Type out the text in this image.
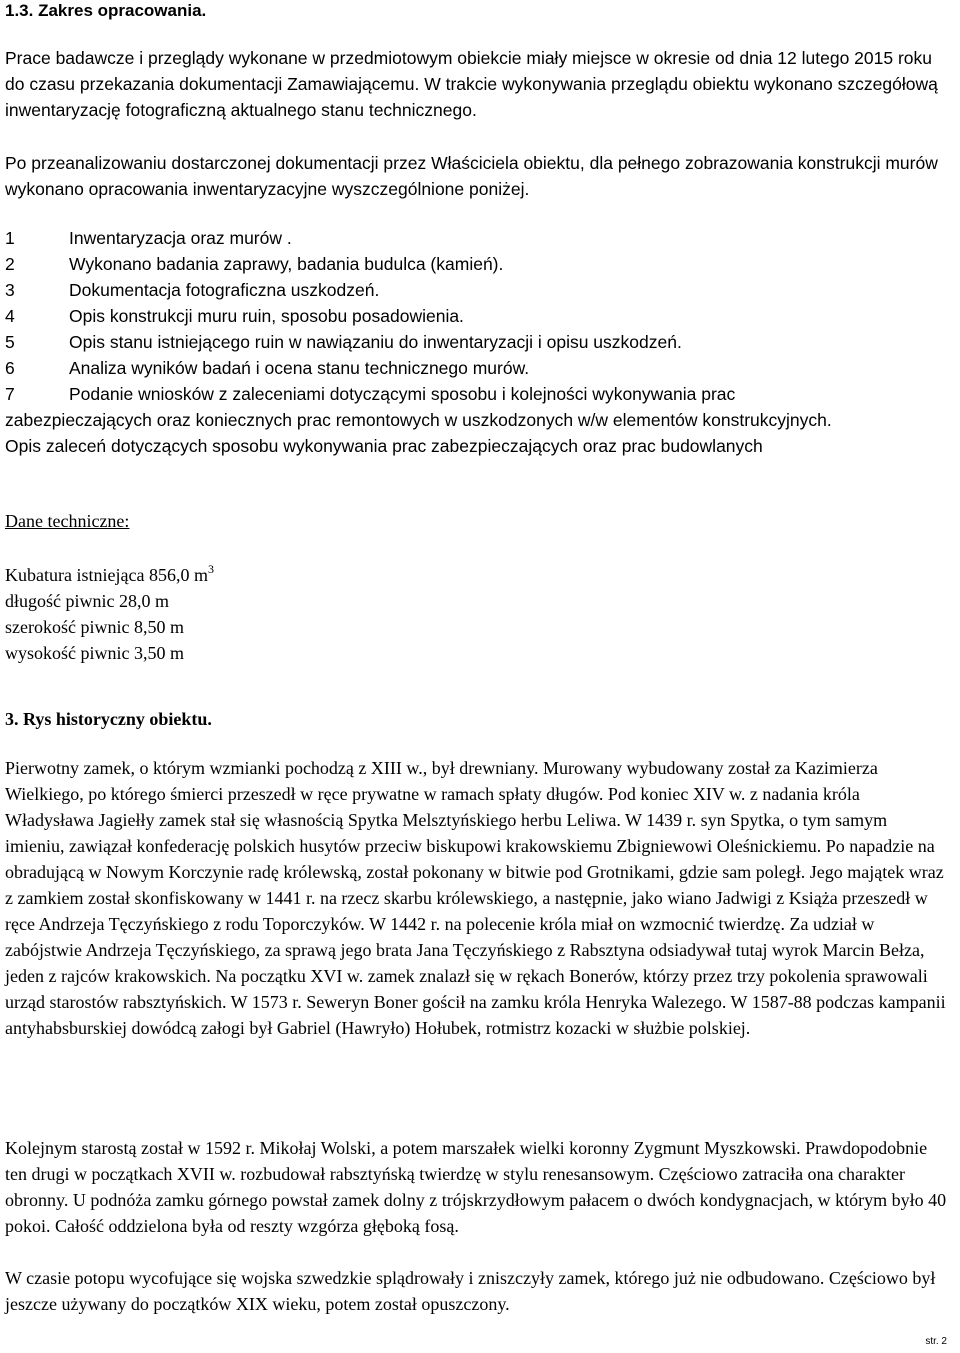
1.3. Zakres opracowania.

Prace badawcze i przeglądy wykonane w przedmiotowym obiekcie miały miejsce w okresie od dnia 12 lutego 2015 roku do czasu przekazania dokumentacji Zamawiającemu. W trakcie wykonywania przeglądu obiektu wykonano szczegółową inwentaryzację fotograficzną aktualnego stanu technicznego.

Po przeanalizowaniu dostarczonej dokumentacji przez Właściciela obiektu, dla pełnego zobrazowania konstrukcji murów wykonano opracowania inwentaryzacyjne wyszczególnione poniżej.

1	Inwentaryzacja oraz murów .
2	Wykonano badania zaprawy, badania budulca (kamień).
3	Dokumentacja fotograficzna uszkodzeń.
4	Opis konstrukcji muru ruin, sposobu posadowienia.
5	Opis stanu istniejącego ruin w nawiązaniu do inwentaryzacji i opisu uszkodzeń.
6	Analiza wyników badań i ocena stanu technicznego murów.
7	Podanie wniosków z zaleceniami dotyczącymi sposobu i kolejności wykonywania prac

zabezpieczających oraz koniecznych prac remontowych w uszkodzonych w/w elementów konstrukcyjnych.

Opis zaleceń dotyczących sposobu wykonywania prac zabezpieczających oraz prac budowlanych

Dane techniczne:
Kubatura istniejąca 856,0 $m^3$
długość piwnic 28,0 m
szerokość piwnic 8,50 m
wysokość piwnic 3,50 m
3. Rys historyczny obiektu.

Pierwotny zamek, o którym wzmianki pochodzą z XIII w., był drewniany. Murowany wybudowany został za Kazimierza Wielkiego, po którego śmierci przeszedł w ręce prywatne w ramach spłaty długów. Pod koniec XIV w. z nadania króla Władysława Jagiełły zamek stał się własnością Spytka Melsztyńskiego herbu Leliwa. W 1439 r. syn Spytka, o tym samym imieniu, zawiązał konfederację polskich husytów przeciw biskupowi krakowskiemu Zbigniewowi Oleśnickiemu. Po napadzie na obradującą w Nowym Korczynie radę królewską, został pokonany w bitwie pod Grotnikami, gdzie sam poległ. Jego majątek wraz z zamkiem został skonfiskowany w 1441 r. na rzecz skarbu królewskiego, a następnie, jako wiano Jadwigi z Książa przeszedł w ręce Andrzeja Tęczyńskiego z rodu Toporczyków. W 1442 r. na polecenie króla miał on wzmocnić twierdzę. Za udział w zabójstwie Andrzeja Tęczyńskiego, za sprawą jego brata Jana Tęczyńskiego z Rabsztyna odsiadywał tutaj wyrok Marcin Bełza, jeden z rajców krakowskich. Na początku XVI w. zamek znalazł się w rękach Bonerów, którzy przez trzy pokolenia sprawowali urząd starostów rabsztyńskich. W 1573 r. Seweryn Boner gościł na zamku króla Henryka Walezego. W 1587-88 podczas kampanii antyhabsburskiej dowódcą załogi był Gabriel (Hawryło) Hołubek, rotmistrz kozacki w służbie polskiej.

Kolejnym starostą został w 1592 r. Mikołaj Wolski, a potem marszałek wielki koronny Zygmunt Myszkowski. Prawdopodobnie ten drugi w początkach XVII w. rozbudował rabsztyńską twierdzę w stylu renesansowym. Częściowo zatraciła ona charakter obronny. U podnóża zamku górnego powstał zamek dolny z trójskrzydłowym pałacem o dwóch kondygnacjach, w którym było 40 pokoi. Całość oddzielona była od reszty wzgórza głęboką fosą.

W czasie potopu wycofujące się wojska szwedzkie splądrowały i zniszczyły zamek, którego już nie odbudowano. Częściowo był jeszcze używany do początków XIX wieku, potem został opuszczony.

str. 2
